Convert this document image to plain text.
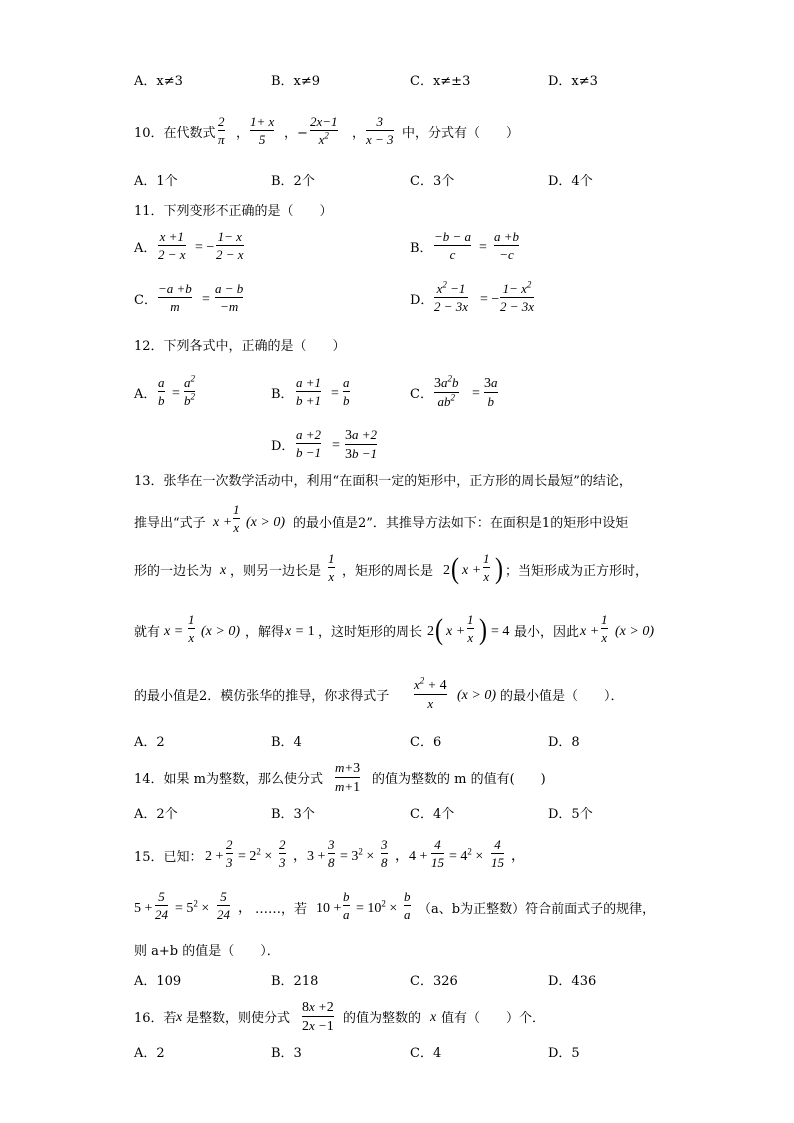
A．x≠3	B．x≠9	C．x≠±3	D．x≠3
10．在代数式
2
π ，
1+ x
5	，−
2x−1
$x^2$	，
3
x − 3 中，分式有（　　）
A．1个	B．2个	C．3个	D．4个
11．下列变形不正确的是（　　）
A．
x +1
2 − x = −
1− x
2 − x	B．
−b − a
c	=
a +b
−c
C．
−a +b
m	=
a − b
−m	D．
$x^2 -1$
2 − 3x = −
$1- x^2$
2 − 3x
12．下列各式中，正确的是（　　）
A．
a
b =
$a^2$
$b^2$	B．
a +1
b +1 =
a
b	C．
$3a^2b$
$ab^2$ =
3a
b
D．
a +2
b −1 =
3a +2
3b −1
13．张华在一次数学活动中，利用“在面积一定的矩形中，正方形的周长最短”的结论，
推导出“式子 x +
1
x (x > 0) 的最小值是2”．其推导方法如下：在面积是1的矩形中设矩
形的一边长为 x ，则另一边长是
1
x ，矩形的周长是 2 ( x +
1
x ) ；当矩形成为正方形时，
就有 x =
1
x (x > 0) ，解得 x = 1 ，这时矩形的周长 2 ( x +
1
x ) = 4 最小，因此 x +
1
x (x > 0)
的最小值是2．模仿张华的推导，你求得式子
$x^2 + 4$
x
(x > 0) 的最小值是（　　）．
A．2	B．4	C．6	D．8
14．如果 m为整数，那么使分式
m+3
m+1
的值为整数的 m 的值有(　　)
A．2个	B．3个	C．4个	D．5个
15．已知： 2 +
2
$3 = 2^2$ ×
2
3 ，3 +
3
$8 = 3^2$ ×
3
8 ，4 +
4
$15 = 4^2$ ×
4
15 ，
5 +
5
$24 = 5^2$ ×
5
24 ， ……，若 10 +
b
$a = 10^2$ ×
b
a （a、b为正整数）符合前面式子的规律，
则 a+b 的值是（　　）．
A．109	B．218	C．326	D．436
16．若 x 是整数，则使分式
8x +2
2x −1
的值为整数的 x 值有（　　）个．
A．2	B．3	C．4	D．5
